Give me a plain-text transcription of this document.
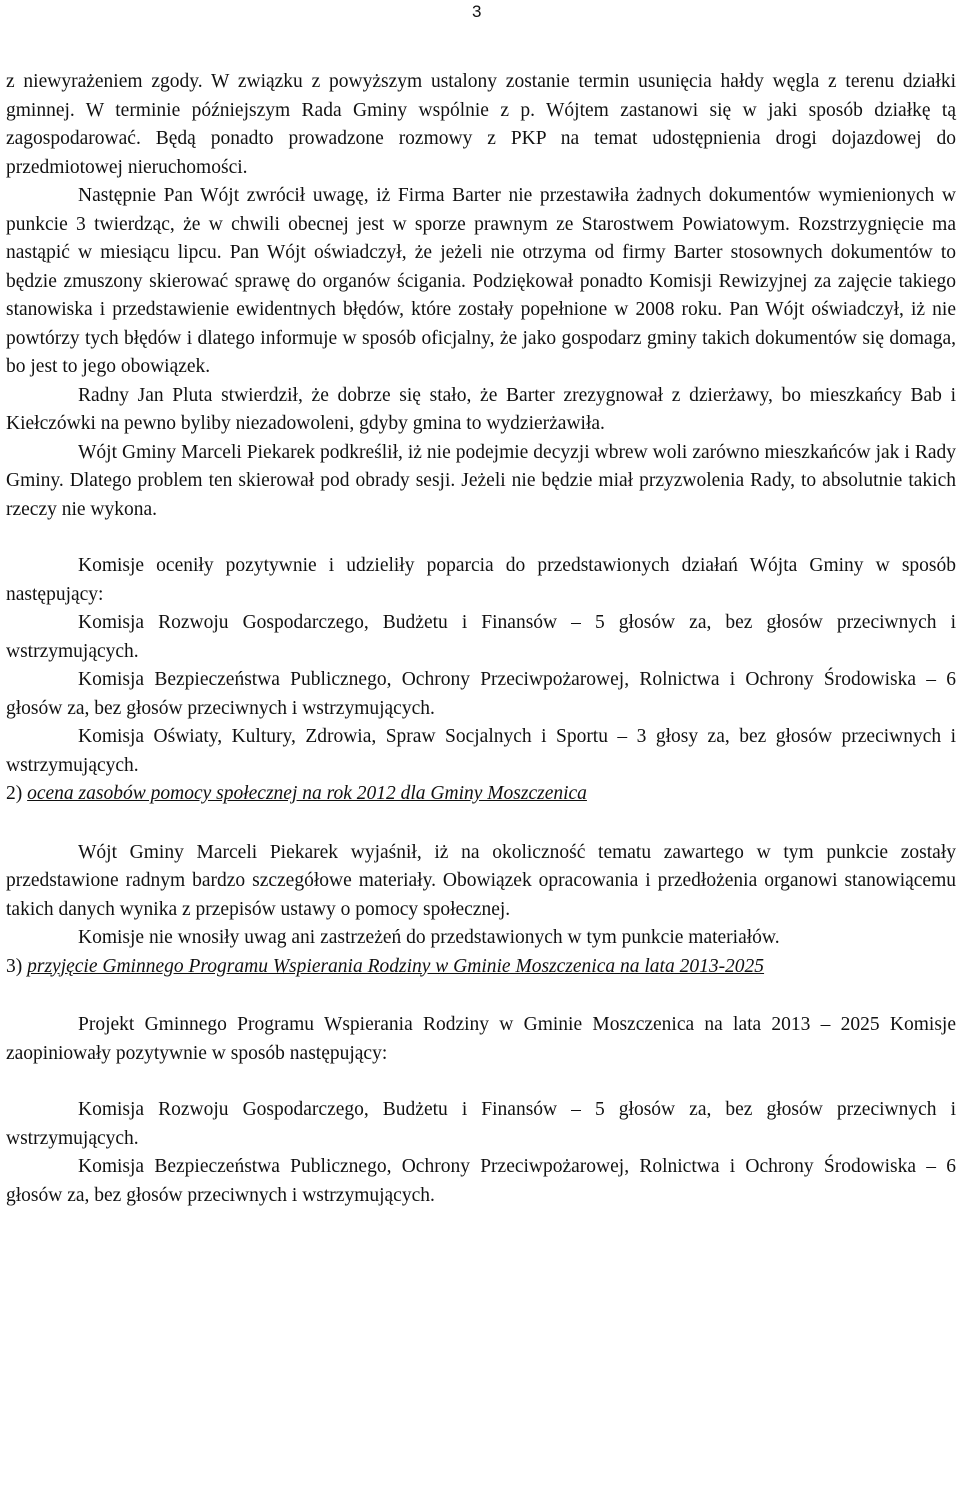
3

z niewyrażeniem zgody. W związku z powyższym ustalony zostanie termin usunięcia hałdy węgla z terenu działki gminnej. W terminie późniejszym Rada Gminy wspólnie z p. Wójtem zastanowi się w jaki sposób działkę tą zagospodarować. Będą ponadto prowadzone rozmowy z PKP na temat udostępnienia drogi dojazdowej do przedmiotowej nieruchomości.

Następnie Pan Wójt zwrócił uwagę, iż Firma Barter nie przestawiła żadnych dokumentów wymienionych w punkcie 3 twierdząc, że w chwili obecnej jest w sporze prawnym ze Starostwem Powiatowym. Rozstrzygnięcie ma nastąpić w miesiącu lipcu. Pan Wójt oświadczył, że jeżeli nie otrzyma od firmy Barter stosownych dokumentów to będzie zmuszony skierować sprawę do organów ścigania. Podziękował ponadto Komisji Rewizyjnej za zajęcie takiego stanowiska i przedstawienie ewidentnych błędów, które zostały popełnione w 2008 roku. Pan Wójt oświadczył, iż nie powtórzy tych błędów i dlatego informuje w sposób oficjalny, że jako gospodarz gminy takich dokumentów się domaga, bo jest to jego obowiązek.

Radny Jan Pluta stwierdził, że dobrze się stało, że Barter zrezygnował z dzierżawy, bo mieszkańcy Bab i Kiełczówki na pewno byliby niezadowoleni, gdyby gmina to wydzierżawiła.

Wójt Gminy Marceli Piekarek podkreślił, iż nie podejmie decyzji wbrew woli zarówno mieszkańców jak i Rady Gminy. Dlatego problem ten skierował pod obrady sesji. Jeżeli nie będzie miał przyzwolenia Rady, to absolutnie takich rzeczy nie wykona.

Komisje oceniły pozytywnie i udzieliły poparcia do przedstawionych działań Wójta Gminy w sposób następujący:

Komisja Rozwoju Gospodarczego, Budżetu i Finansów – 5 głosów za, bez głosów przeciwnych i wstrzymujących.

Komisja Bezpieczeństwa Publicznego, Ochrony Przeciwpożarowej, Rolnictwa i Ochrony Środowiska – 6 głosów za, bez głosów przeciwnych i wstrzymujących.

Komisja Oświaty, Kultury, Zdrowia, Spraw Socjalnych i Sportu – 3 głosy za, bez głosów przeciwnych i wstrzymujących.

2) ocena zasobów pomocy społecznej na rok 2012 dla Gminy Moszczenica

Wójt Gminy Marceli Piekarek wyjaśnił, iż na okoliczność tematu zawartego w tym punkcie zostały przedstawione radnym bardzo szczegółowe materiały. Obowiązek opracowania i przedłożenia organowi stanowiącemu takich danych wynika z przepisów ustawy o pomocy społecznej.

Komisje nie wnosiły uwag ani zastrzeżeń do przedstawionych w tym punkcie materiałów.

3) przyjęcie Gminnego Programu Wspierania Rodziny w Gminie Moszczenica na lata 2013-2025

Projekt Gminnego Programu Wspierania Rodziny w Gminie Moszczenica na lata 2013 – 2025 Komisje zaopiniowały pozytywnie w sposób następujący:

Komisja Rozwoju Gospodarczego, Budżetu i Finansów – 5 głosów za, bez głosów przeciwnych i wstrzymujących.

Komisja Bezpieczeństwa Publicznego, Ochrony Przeciwpożarowej, Rolnictwa i Ochrony Środowiska – 6 głosów za, bez głosów przeciwnych i wstrzymujących.
